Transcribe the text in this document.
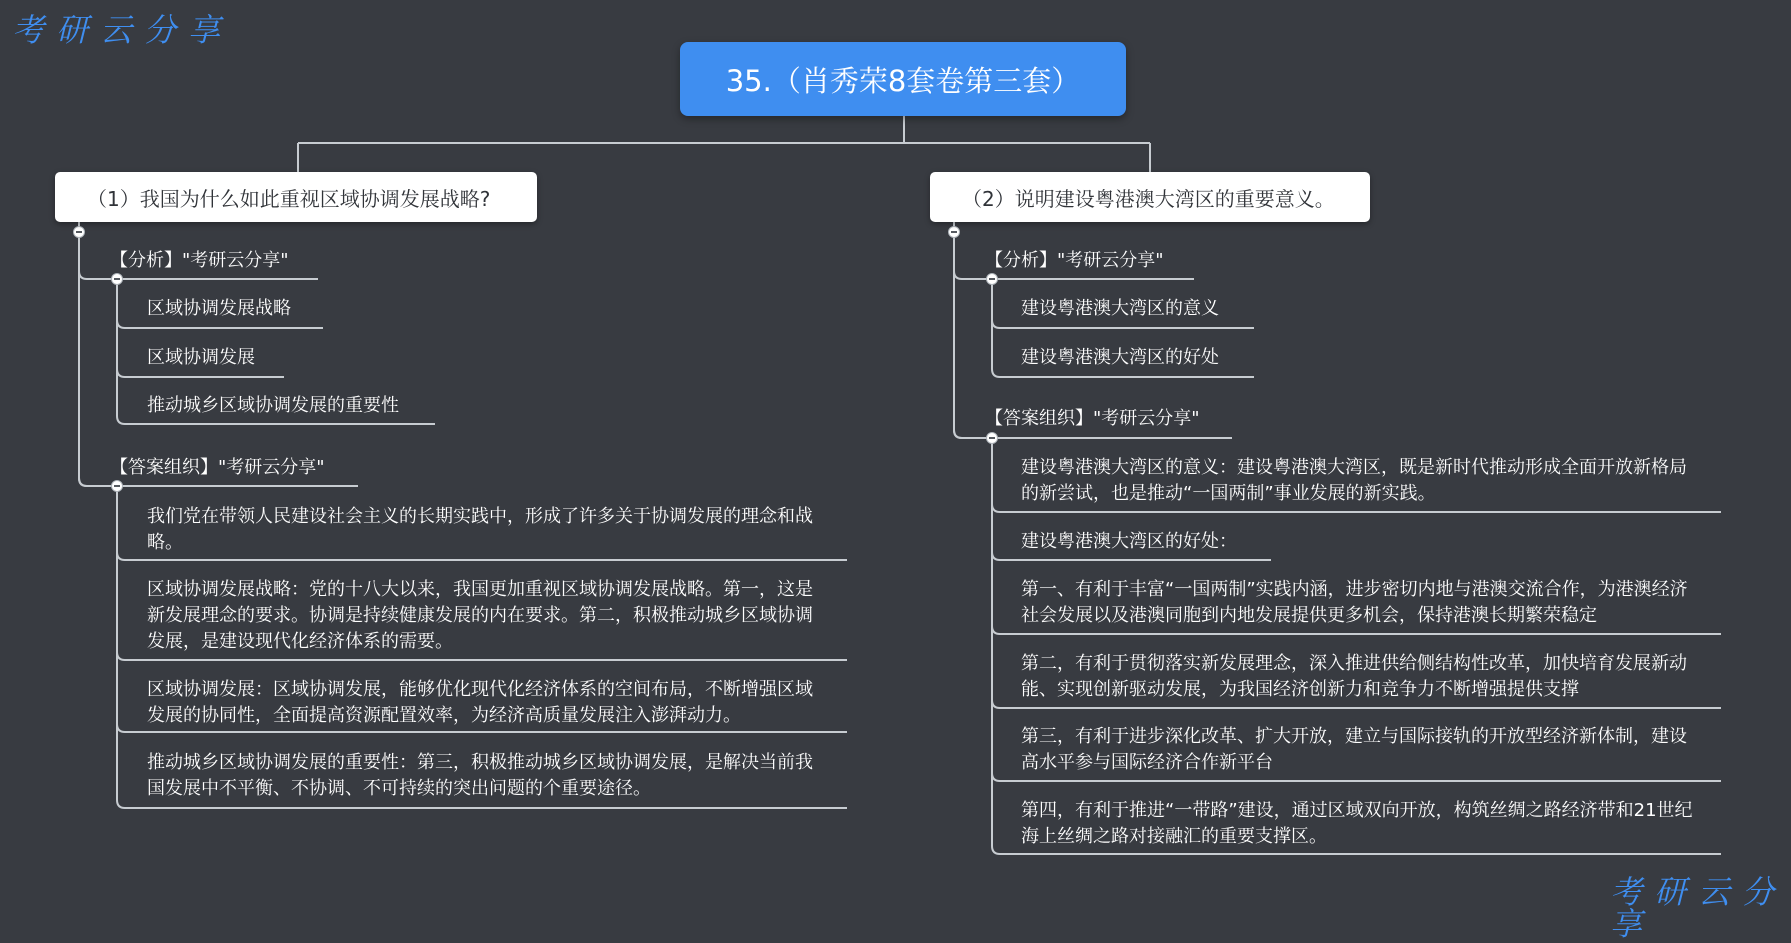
考研云分享
考研云分享
35.（肖秀荣8套卷第三套）
（1）我国为什么如此重视区域协调发展战略?	（2）说明建设粤港澳大湾区的重要意义。
【分析】"考研云分享"
区域协调发展战略
区域协调发展
推动城乡区域协调发展的重要性
【答案组织】"考研云分享"
我们党在带领人民建设社会主义的长期实践中，形成了许多关于协调发展的理念和战略。
区域协调发展战略：党的十八大以来，我国更加重视区域协调发展战略。第一，这是新发展理念的要求。协调是持续健康发展的内在要求。第二，积极推动城乡区域协调发展，是建设现代化经济体系的需要。
区域协调发展：区域协调发展，能够优化现代化经济体系的空间布局，不断增强区域发展的协同性，全面提高资源配置效率，为经济高质量发展注入澎湃动力。
推动城乡区域协调发展的重要性：第三，积极推动城乡区域协调发展，是解决当前我国发展中不平衡、不协调、不可持续的突出问题的个重要途径。
【分析】"考研云分享"
建设粤港澳大湾区的意义
建设粤港澳大湾区的好处
【答案组织】"考研云分享"
建设粤港澳大湾区的意义：建设粤港澳大湾区，既是新时代推动形成全面开放新格局的新尝试，也是推动“一国两制”事业发展的新实践。
建设粤港澳大湾区的好处：
第一、有利于丰富“一国两制”实践内涵，进步密切内地与港澳交流合作，为港澳经济社会发展以及港澳同胞到内地发展提供更多机会，保持港澳长期繁荣稳定
第二，有利于贯彻落实新发展理念，深入推进供给侧结构性改革，加快培育发展新动能、实现创新驱动发展，为我国经济创新力和竞争力不断增强提供支撑
第三，有利于进步深化改革、扩大开放，建立与国际接轨的开放型经济新体制，建设高水平参与国际经济合作新平台
第四，有利于推进“一带路”建设，通过区域双向开放，构筑丝绸之路经济带和21世纪海上丝绸之路对接融汇的重要支撑区。
